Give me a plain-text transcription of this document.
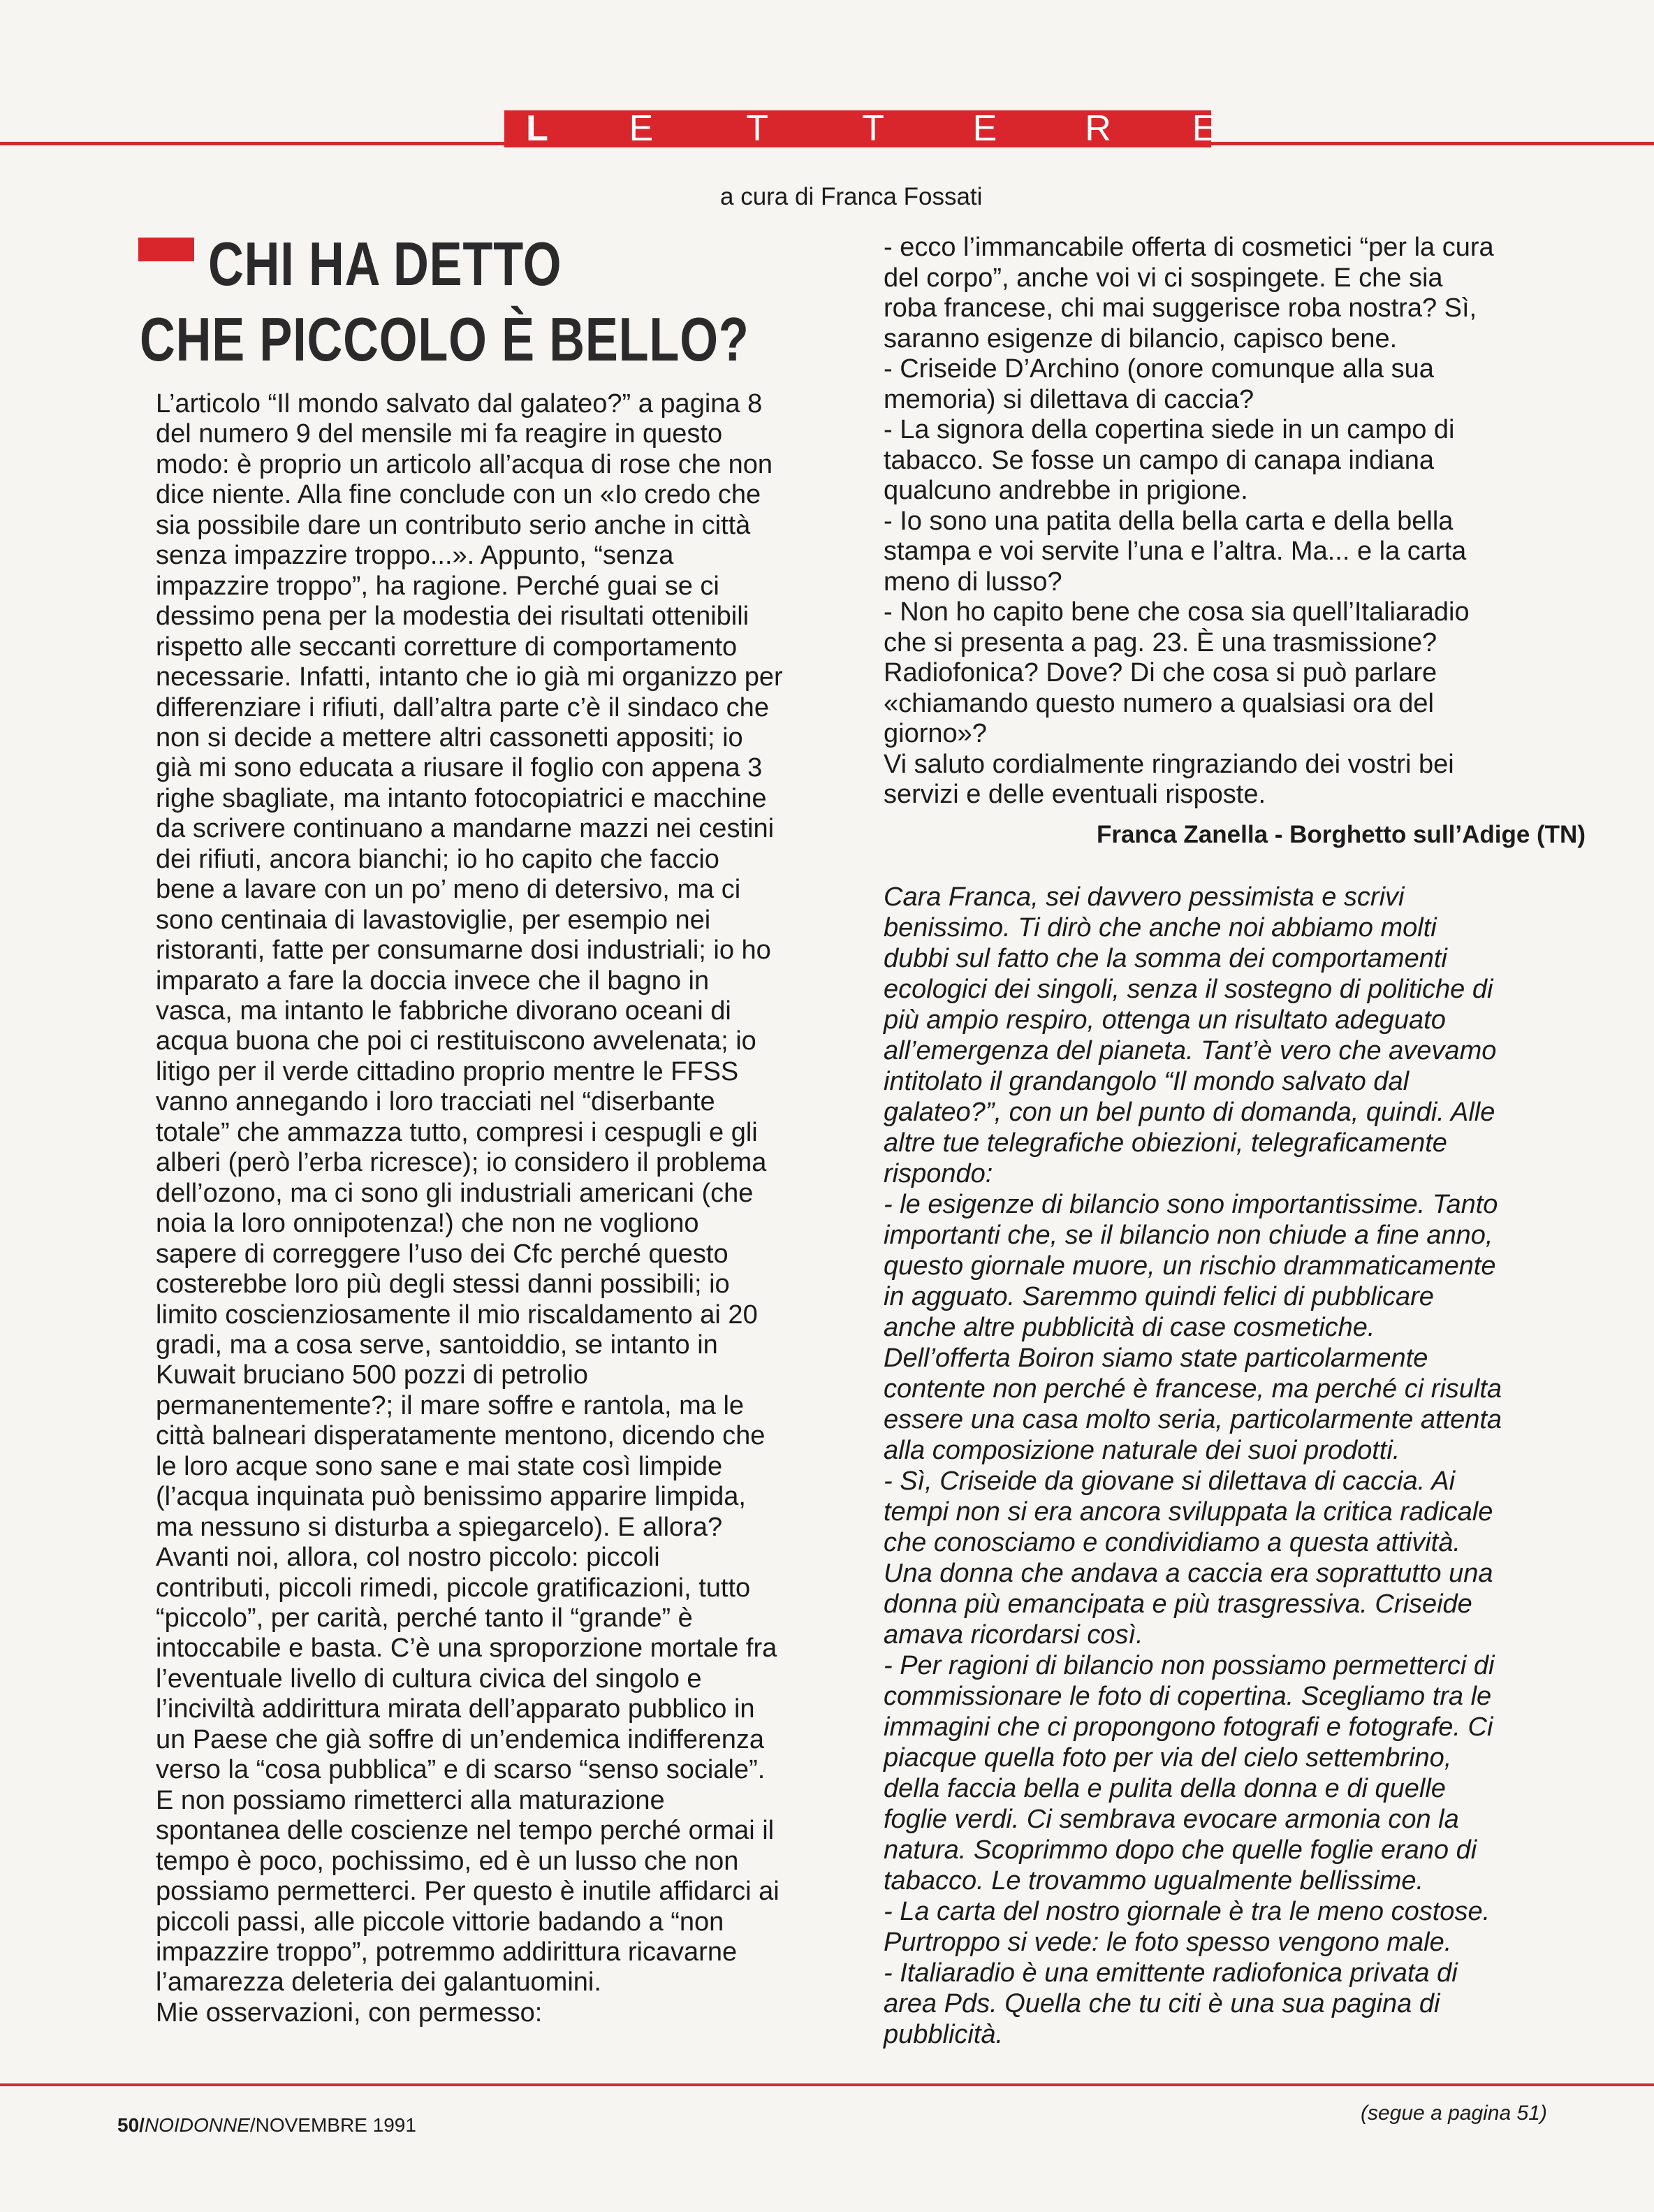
L E	T	T E R E
a cura di Franca Fossati
CHI HA DETTO
CHE PICCOLO È BELLO?
L’articolo “Il mondo salvato dal galateo?” a pagina 8
del numero 9 del mensile mi fa reagire in questo
modo: è proprio un articolo all’acqua di rose che non
dice niente. Alla fine conclude con un «Io credo che
sia possibile dare un contributo serio anche in città
senza impazzire troppo...». Appunto, “senza
impazzire troppo”, ha ragione. Perché guai se ci
dessimo pena per la modestia dei risultati ottenibili
rispetto alle seccanti corretture di comportamento
necessarie. Infatti, intanto che io già mi organizzo per
differenziare i rifiuti, dall’altra parte c’è il sindaco che
non si decide a mettere altri cassonetti appositi; io
già mi sono educata a riusare il foglio con appena 3
righe sbagliate, ma intanto fotocopiatrici e macchine
da scrivere continuano a mandarne mazzi nei cestini
dei rifiuti, ancora bianchi; io ho capito che faccio
bene a lavare con un po’ meno di detersivo, ma ci
sono centinaia di lavastoviglie, per esempio nei
ristoranti, fatte per consumarne dosi industriali; io ho
imparato a fare la doccia invece che il bagno in
vasca, ma intanto le fabbriche divorano oceani di
acqua buona che poi ci restituiscono avvelenata; io
litigo per il verde cittadino proprio mentre le FFSS
vanno annegando i loro tracciati nel “diserbante
totale” che ammazza tutto, compresi i cespugli e gli
alberi (però l’erba ricresce); io considero il problema
dell’ozono, ma ci sono gli industriali americani (che
noia la loro onnipotenza!) che non ne vogliono
sapere di correggere l’uso dei Cfc perché questo
costerebbe loro più degli stessi danni possibili; io
limito coscienziosamente il mio riscaldamento ai 20
gradi, ma a cosa serve, santoiddio, se intanto in
Kuwait bruciano 500 pozzi di petrolio
permanentemente?; il mare soffre e rantola, ma le
città balneari disperatamente mentono, dicendo che
le loro acque sono sane e mai state così limpide
(l’acqua inquinata può benissimo apparire limpida,
ma nessuno si disturba a spiegarcelo). E allora?
Avanti noi, allora, col nostro piccolo: piccoli
contributi, piccoli rimedi, piccole gratificazioni, tutto
“piccolo”, per carità, perché tanto il “grande” è
intoccabile e basta. C’è una sproporzione mortale fra
l’eventuale livello di cultura civica del singolo e
l’inciviltà addirittura mirata dell’apparato pubblico in
un Paese che già soffre di un’endemica indifferenza
verso la “cosa pubblica” e di scarso “senso sociale”.
E non possiamo rimetterci alla maturazione
spontanea delle coscienze nel tempo perché ormai il
tempo è poco, pochissimo, ed è un lusso che non
possiamo permetterci. Per questo è inutile affidarci ai
piccoli passi, alle piccole vittorie badando a “non
impazzire troppo”, potremmo addirittura ricavarne
l’amarezza deleteria dei galantuomini.
Mie osservazioni, con permesso:
- ecco l’immancabile offerta di cosmetici “per la cura
del corpo”, anche voi vi ci sospingete. E che sia
roba francese, chi mai suggerisce roba nostra? Sì,
saranno esigenze di bilancio, capisco bene.
- Criseide D’Archino (onore comunque alla sua
memoria) si dilettava di caccia?
- La signora della copertina siede in un campo di
tabacco. Se fosse un campo di canapa indiana
qualcuno andrebbe in prigione.
- Io sono una patita della bella carta e della bella
stampa e voi servite l’una e l’altra. Ma... e la carta
meno di lusso?
- Non ho capito bene che cosa sia quell’Italiaradio
che si presenta a pag. 23. È una trasmissione?
Radiofonica? Dove? Di che cosa si può parlare
«chiamando questo numero a qualsiasi ora del
giorno»?
Vi saluto cordialmente ringraziando dei vostri bei
servizi e delle eventuali risposte.
Franca Zanella - Borghetto sull’Adige (TN)
Cara Franca, sei davvero pessimista e scrivi
benissimo. Ti dirò che anche noi abbiamo molti
dubbi sul fatto che la somma dei comportamenti
ecologici dei singoli, senza il sostegno di politiche di
più ampio respiro, ottenga un risultato adeguato
all’emergenza del pianeta. Tant’è vero che avevamo
intitolato il grandangolo “Il mondo salvato dal
galateo?”, con un bel punto di domanda, quindi. Alle
altre tue telegrafiche obiezioni, telegraficamente
rispondo:
- le esigenze di bilancio sono importantissime. Tanto
importanti che, se il bilancio non chiude a fine anno,
questo giornale muore, un rischio drammaticamente
in agguato. Saremmo quindi felici di pubblicare
anche altre pubblicità di case cosmetiche.
Dell’offerta Boiron siamo state particolarmente
contente non perché è francese, ma perché ci risulta
essere una casa molto seria, particolarmente attenta
alla composizione naturale dei suoi prodotti.
- Sì, Criseide da giovane si dilettava di caccia. Ai
tempi non si era ancora sviluppata la critica radicale
che conosciamo e condividiamo a questa attività.
Una donna che andava a caccia era soprattutto una
donna più emancipata e più trasgressiva. Criseide
amava ricordarsi così.
- Per ragioni di bilancio non possiamo permetterci di
commissionare le foto di copertina. Scegliamo tra le
immagini che ci propongono fotografi e fotografe. Ci
piacque quella foto per via del cielo settembrino,
della faccia bella e pulita della donna e di quelle
foglie verdi. Ci sembrava evocare armonia con la
natura. Scoprimmo dopo che quelle foglie erano di
tabacco. Le trovammo ugualmente bellissime.
- La carta del nostro giornale è tra le meno costose.
Purtroppo si vede: le foto spesso vengono male.
- Italiaradio è una emittente radiofonica privata di
area Pds. Quella che tu citi è una sua pagina di
pubblicità.
50/NOIDONNE/NOVEMBRE 1991
(segue a pagina 51)
